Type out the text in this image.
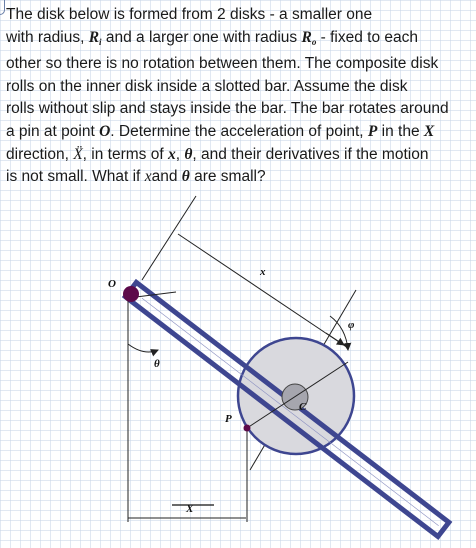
The disk below is formed from 2 disks - a smaller one
with radius, $R_i$ and a larger one with radius $R_o$ - fixed to each
other so there is no rotation between them. The composite disk
rolls on the inner disk inside a slotted bar. Assume the disk
rolls without slip and stays inside the bar. The bar rotates around
a pin at point O. Determine the acceleration of point, P in the X
direction, Ẍ, in terms of x, θ, and their derivatives if the motion
is not small. What if xand θ are small?
O
x
φ
θ
C
P
X
